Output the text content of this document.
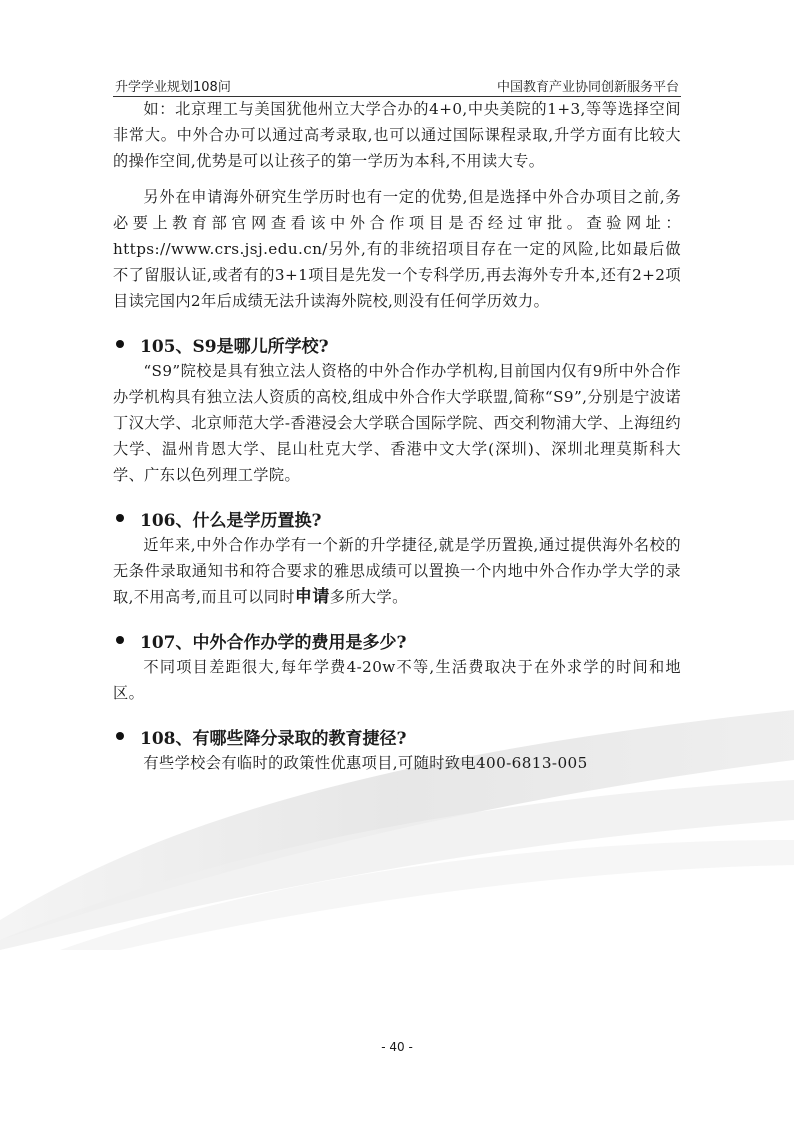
升学学业规划108问	中国教育产业协同创新服务平台

如：北京理工与美国犹他州立大学合办的4+0,中央美院的1+3,等等选择空间非常大。中外合办可以通过高考录取,也可以通过国际课程录取,升学方面有比较大的操作空间,优势是可以让孩子的第一学历为本科,不用读大专。

另外在申请海外研究生学历时也有一定的优势,但是选择中外合办项目之前,务必要上教育部官网查看该中外合作项目是否经过审批。查验网址：https://www.crs.jsj.edu.cn/另外,有的非统招项目存在一定的风险,比如最后做不了留服认证,或者有的3+1项目是先发一个专科学历,再去海外专升本,还有2+2项目读完国内2年后成绩无法升读海外院校,则没有任何学历效力。

105、S9是哪儿所学校?

“S9”院校是具有独立法人资格的中外合作办学机构,目前国内仅有9所中外合作办学机构具有独立法人资质的高校,组成中外合作大学联盟,简称“S9”,分别是宁波诺丁汉大学、北京师范大学-香港浸会大学联合国际学院、西交利物浦大学、上海纽约大学、温州肯恩大学、昆山杜克大学、香港中文大学(深圳)、深圳北理莫斯科大学、广东以色列理工学院。

106、什么是学历置换?

近年来,中外合作办学有一个新的升学捷径,就是学历置换,通过提供海外名校的无条件录取通知书和符合要求的雅思成绩可以置换一个内地中外合作办学大学的录取,不用高考,而且可以同时申请多所大学。

107、中外合作办学的费用是多少?

不同项目差距很大,每年学费4-20w不等,生活费取决于在外求学的时间和地区。

108、有哪些降分录取的教育捷径?

有些学校会有临时的政策性优惠项目,可随时致电400-6813-005

- 40 -
